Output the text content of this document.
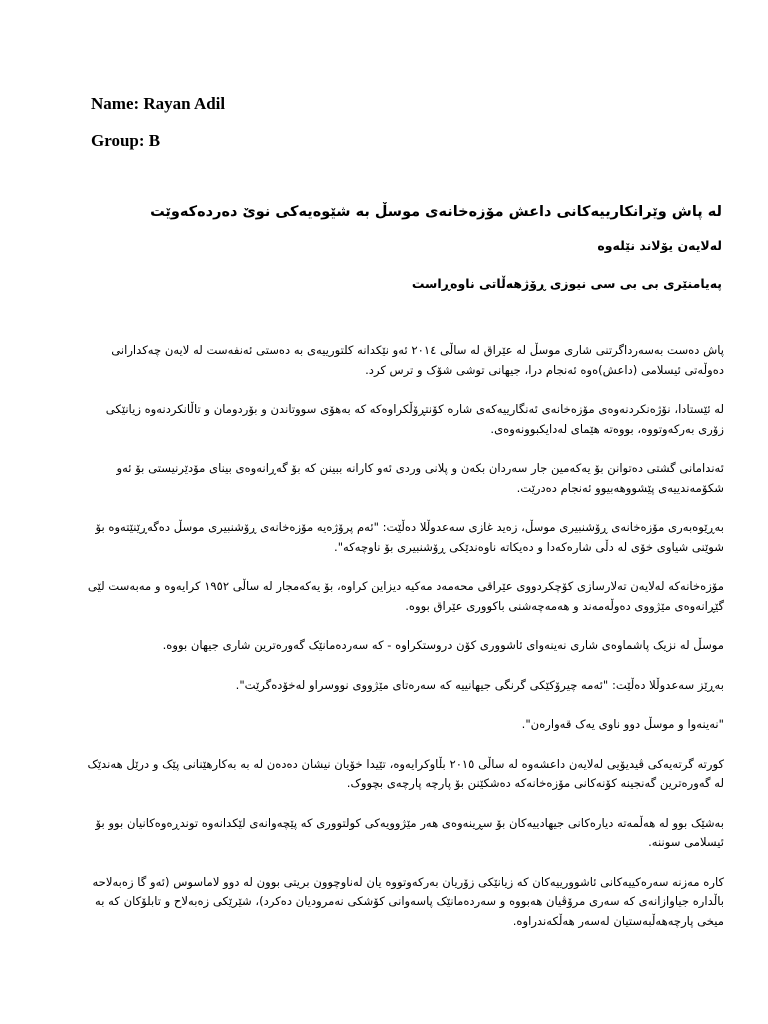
Name: Rayan Adil
Group: B
لە پاش وێرانکارییەکانی داعش مۆزەخانەی موسڵ بە شێوەیەکی نوێ دەردەکەوێت
لەلایەن یۆلاند نێلەوە
پەیامنێری بی بی سی نیوزی ڕۆژهەڵاتی ناوەڕاست

پاش دەست بەسەرداگرتنی شاری موسڵ لە عێراق لە ساڵی ٢٠١٤ ئەو نێکدانە کلتورییەی بە دەستی ئەنفەست لە لایەن چەکدارانی دەوڵەتی ئیسلامی (داعش)ەوە ئەنجام درا، جیهانی توشی شۆک و ترس کرد.

لە ئێستادا، نۆژەنکردنەوەی مۆزەخانەی ئەنگارییەکەی شارە کۆنتڕۆڵکراوەکە کە بەهۆی سووتاندن و بۆردومان و تاڵانکردنەوە زیانێکی زۆری بەرکەوتووە، بووەتە هێمای لەدایکبوونەوەی.

ئەندامانی گشتی دەتوانن بۆ یەکەمین جار سەردان بکەن و پلانی وردی ئەو کارانە ببینن کە بۆ گەڕانەوەی بینای مۆدێرنیستی بۆ ئەو شکۆمەندییەی پێشووهەبیوو ئەنجام دەدرێت.

بەڕێوەبەری مۆزەخانەی ڕۆشنبیری موسڵ، زەید غازی سەعدوڵلا دەڵێت: "ئەم پرۆژەیە مۆزەخانەی ڕۆشنبیری موسڵ دەگەڕێنێتەوە بۆ شوێنی شیاوی خۆی لە دڵی شارەکەدا و دەیکاتە ناوەندێکی ڕۆشنبیری بۆ ناوچەکە".

مۆزەخانەکە لەلایەن تەلارسازی کۆچکردووی عێراقی محەمەد مەکیە دیزاین کراوە، بۆ یەکەمجار لە ساڵی ١٩٥٢ کرایەوە و مەبەست لێی گێڕانەوەی مێژووی دەوڵەمەند و هەمەچەشنی باکووری عێراق بووە.

موسڵ لە نزیک پاشماوەی شاری نەینەوای ئاشووری کۆن دروستکراوە - کە سەردەمانێک گەورەترین شاری جیهان بووە.

بەڕێز سەعدوڵلا دەڵێت: "ئەمە چیرۆکێکی گرنگی جیهانییە کە سەرەتای مێژووی نووسراو لەخۆدەگرێت".

"نەینەوا و موسڵ دوو ناوی یەک قەوارەن".

کورتە گرتەیەکی ڤیدیۆیی لەلایەن داعشەوە لە ساڵی ٢٠١٥ بڵاوکرایەوە، تێیدا خۆیان نیشان دەدەن لە بە بەکارهێنانی پێک و درێل هەندێک لە گەورەترین گەنجینە کۆنەکانی مۆزەخانەکە دەشکێنن بۆ پارچە پارچەی بچووک.

بەشێک بوو لە هەڵمەتە دیارەکانی جیهادییەکان بۆ سڕینەوەی هەر مێژوویەکی کولتووری کە پێچەوانەی لێکدانەوە توندڕەوەکانیان بوو بۆ ئیسلامی سوننە.

کارە مەزنە سەرەکییەکانی ئاشوورییەکان کە زیانێکی زۆریان بەرکەوتووە یان لەناوچوون بریتی بوون لە دوو لاماسوس (ئەو گا زەبەلاحە باڵدارە جیاوازانەی کە سەری مرۆڤیان هەبووە و سەردەمانێک پاسەوانی کۆشکی نەمرودیان دەکرد)، شێرێکی زەبەلاح و تابلۆکان کە بە میخی پارچەهەڵبەستیان لەسەر هەڵکەندراوە.
